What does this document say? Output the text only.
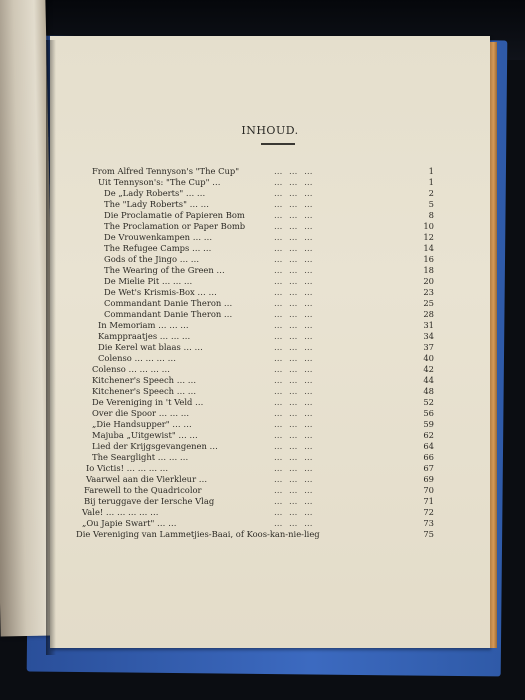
INHOUD.
From Alfred Tennyson's "The Cup"	… … …	1
Uit Tennyson's: "The Cup" …	… … …	1
De „Lady Roberts" … …	… … …	2
The "Lady Roberts" … …	… … …	5
Die Proclamatie of Papieren Bom	… … …	8
The Proclamation or Paper Bomb	… … …	10
De Vrouwenkampen … …	… … …	12
The Refugee Camps … …	… … …	14
Gods of the Jingo … …	… … …	16
The Wearing of the Green …	… … …	18
De Mielie Pit … … …	… … …	20
De Wet's Krismis-Box … …	… … …	23
Commandant Danie Theron …	… … …	25
Commandant Danie Theron …	… … …	28
In Memoriam … … …	… … …	31
Kamppraatjes … … …	… … …	34
Die Kerel wat blaas … …	… … …	37
Colenso … … … …	… … …	40
Colenso … … … …	… … …	42
Kitchener's Speech … …	… … …	44
Kitchener's Speech … …	… … …	48
De Vereniging in 't Veld …	… … …	52
Over die Spoor … … …	… … …	56
„Die Handsupper" … …	… … …	59
Majuba „Uitgewist" … …	… … …	62
Lied der Krijgsgevangenen …	… … …	64
The Searglight … … …	… … …	66
Io Victis! … … … …	… … …	67
Vaarwel aan die Vierkleur …	… … …	69
Farewell to the Quadricolor	… … …	70
Bij teruggave der Iersche Vlag	… … …	71
Vale! … … … … …	… … …	72
„Ou Japie Swart" … …	… … …	73
Die Vereniging van Lammetjies-Baai, of Koos-kan-nie-lieg	75
